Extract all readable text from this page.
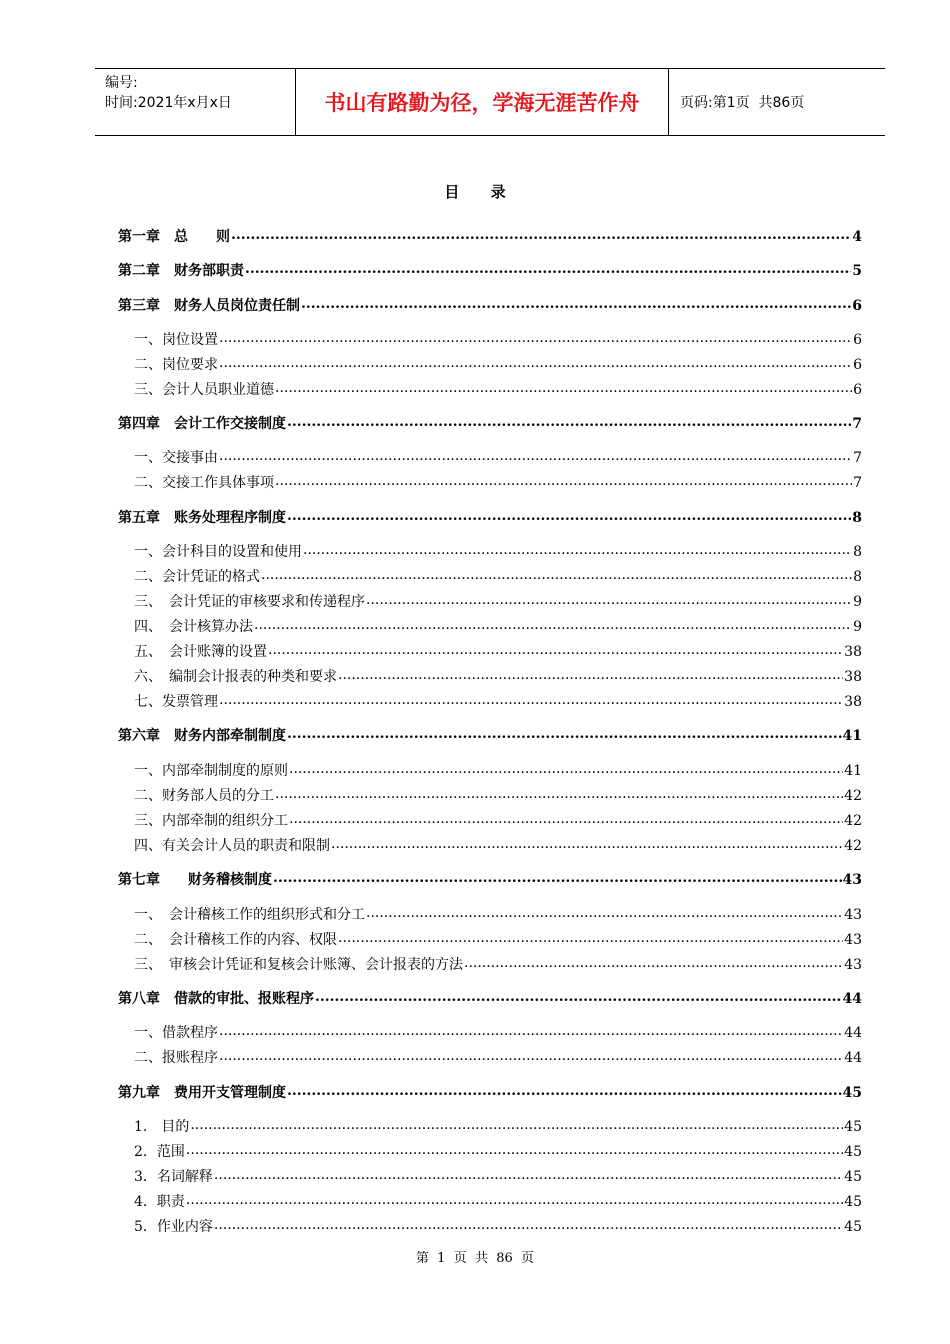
编号:
时间:2021年x月x日	书山有路勤为径，学海无涯苦作舟	页码:第1页  共86页
目      录
第一章　总　　则 .....	4
第二章　财务部职责 .....	5
第三章　财务人员岗位责任制 .....	6
一、岗位设置 .....	6
二、岗位要求 .....	6
三、会计人员职业道德 .....	6
第四章　会计工作交接制度 .....	7
一、交接事由 .....	7
二、交接工作具体事项 .....	7
第五章　账务处理程序制度 .....	8
一、会计科目的设置和使用 .....	8
二、会计凭证的格式 .....	8
三、　会计凭证的审核要求和传递程序 .....	9
四、　会计核算办法 .....	9
五、　会计账簿的设置 .....	38
六、　编制会计报表的种类和要求 .....	38
七、发票管理 .....	38
第六章　财务内部牵制制度 .....	41
一、内部牵制制度的原则 .....	41
二、财务部人员的分工 .....	42
三、内部牵制的组织分工 .....	42
四、有关会计人员的职责和限制 .....	42
第七章　　财务稽核制度 .....	43
一、　会计稽核工作的组织形式和分工 .....	43
二、　会计稽核工作的内容、权限 .....	43
三、　审核会计凭证和复核会计账簿、会计报表的方法 .....	43
第八章　借款的审批、报账程序 .....	44
一、借款程序 .....	44
二、报账程序 .....	44
第九章　费用开支管理制度 .....	45
1.　目的 .....	45
2．范围 .....	45
3．名词解释 .....	45
4．职责 .....	45
5．作业内容 .....	45
第  1  页  共  86  页
